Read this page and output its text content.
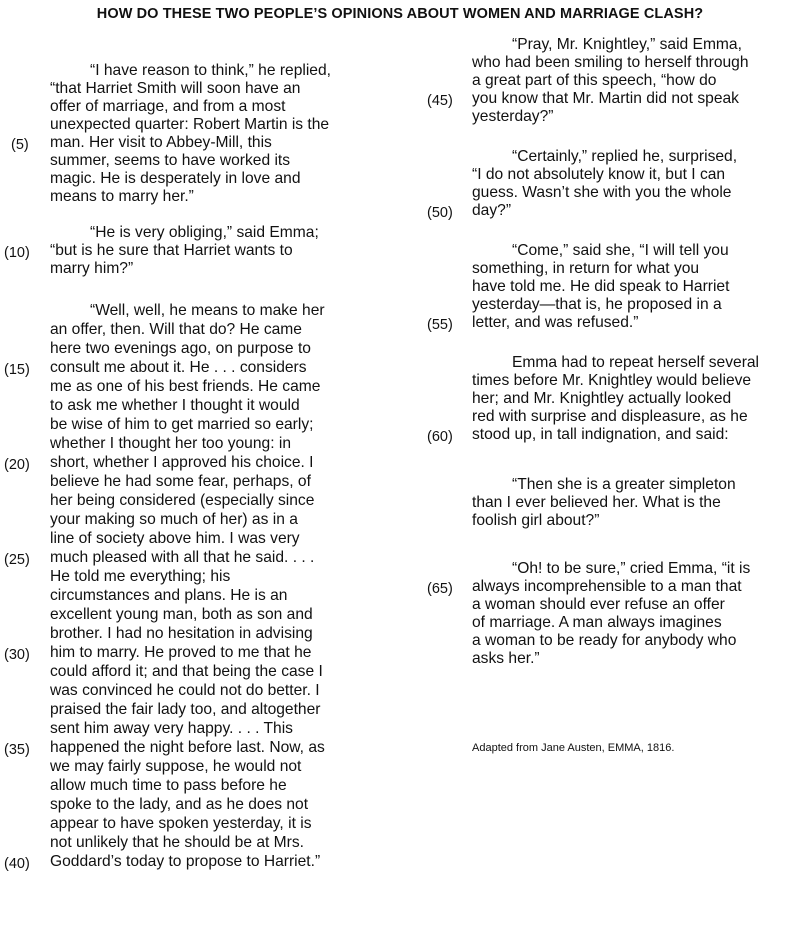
HOW DO THESE TWO PEOPLE’S OPINIONS ABOUT WOMEN AND MARRIAGE CLASH?
“I have reason to think,” he replied,
“that Harriet Smith will soon have an
offer of marriage, and from a most
unexpected quarter: Robert Martin is the
man. Her visit to Abbey-Mill, this
summer, seems to have worked its
magic. He is desperately in love and
means to marry her.”
“He is very obliging,” said Emma;
“but is he sure that Harriet wants to
marry him?”
“Well, well, he means to make her
an offer, then. Will that do? He came
here two evenings ago, on purpose to
consult me about it. He . . . considers
me as one of his best friends. He came
to ask me whether I thought it would
be wise of him to get married so early;
whether I thought her too young: in
short, whether I approved his choice. I
believe he had some fear, perhaps, of
her being considered (especially since
your making so much of her) as in a
line of society above him. I was very
much pleased with all that he said. . . .
He told me everything; his
circumstances and plans. He is an
excellent young man, both as son and
brother. I had no hesitation in advising
him to marry. He proved to me that he
could afford it; and that being the case I
was convinced he could not do better. I
praised the fair lady too, and altogether
sent him away very happy. . . . This
happened the night before last. Now, as
we may fairly suppose, he would not
allow much time to pass before he
spoke to the lady, and as he does not
appear to have spoken yesterday, it is
not unlikely that he should be at Mrs.
Goddard’s today to propose to Harriet.”
(5)
(10)
(15)
(20)
(25)
(30)
(35)
(40)
“Pray, Mr. Knightley,” said Emma,
who had been smiling to herself through
a great part of this speech, “how do
you know that Mr. Martin did not speak
yesterday?”
“Certainly,” replied he, surprised,
“I do not absolutely know it, but I can
guess. Wasn’t she with you the whole
day?”
“Come,” said she, “I will tell you
something, in return for what you
have told me. He did speak to Harriet
yesterday—that is, he proposed in a
letter, and was refused.”
Emma had to repeat herself several
times before Mr. Knightley would believe
her; and Mr. Knightley actually looked
red with surprise and displeasure, as he
stood up, in tall indignation, and said:
“Then she is a greater simpleton
than I ever believed her. What is the
foolish girl about?”
“Oh! to be sure,” cried Emma, “it is
always incomprehensible to a man that
a woman should ever refuse an offer
of marriage. A man always imagines
a woman to be ready for anybody who
asks her.”
(45)
(50)
(55)
(60)
(65)
Adapted from Jane Austen, EMMA, 1816.
